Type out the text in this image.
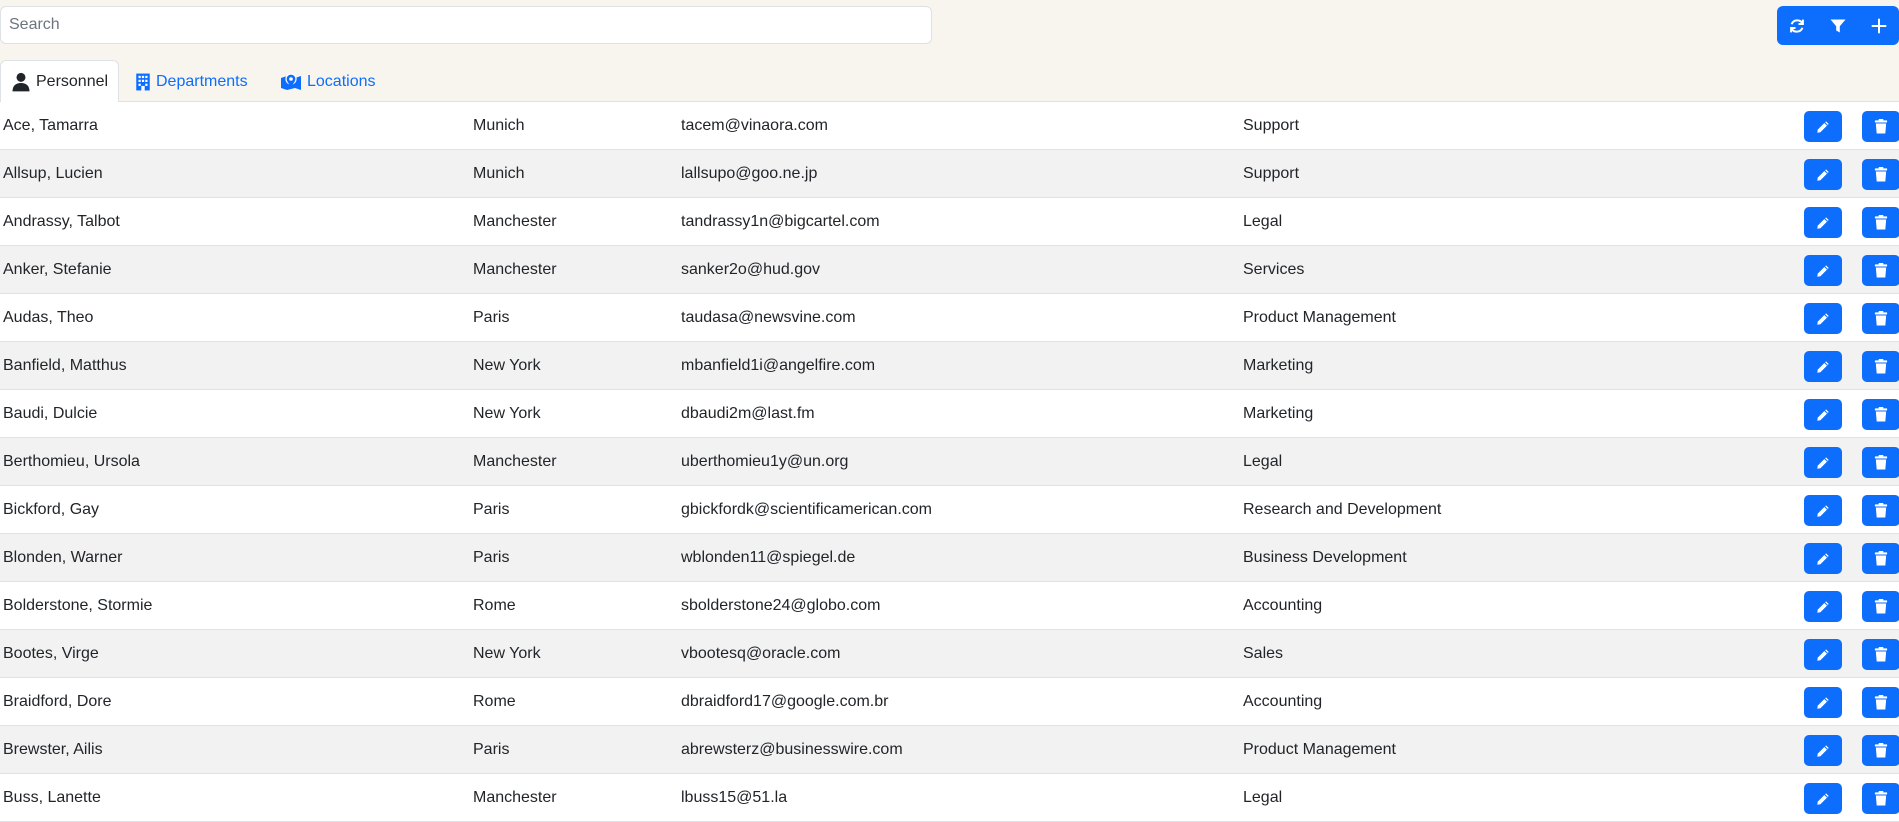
Search
Personnel	Departments	Locations
Ace, Tamarra	Munich	tacem@vinaora.com	Support
Allsup, Lucien	Munich	lallsupo@goo.ne.jp	Support
Andrassy, Talbot	Manchester	tandrassy1n@bigcartel.com	Legal
Anker, Stefanie	Manchester	sanker2o@hud.gov	Services
Audas, Theo	Paris	taudasa@newsvine.com	Product Management
Banfield, Matthus	New York	mbanfield1i@angelfire.com	Marketing
Baudi, Dulcie	New York	dbaudi2m@last.fm	Marketing
Berthomieu, Ursola	Manchester	uberthomieu1y@un.org	Legal
Bickford, Gay	Paris	gbickfordk@scientificamerican.com	Research and Development
Blonden, Warner	Paris	wblonden11@spiegel.de	Business Development
Bolderstone, Stormie	Rome	sbolderstone24@globo.com	Accounting
Bootes, Virge	New York	vbootesq@oracle.com	Sales
Braidford, Dore	Rome	dbraidford17@google.com.br	Accounting
Brewster, Ailis	Paris	abrewsterz@businesswire.com	Product Management
Buss, Lanette	Manchester	lbuss15@51.la	Legal
